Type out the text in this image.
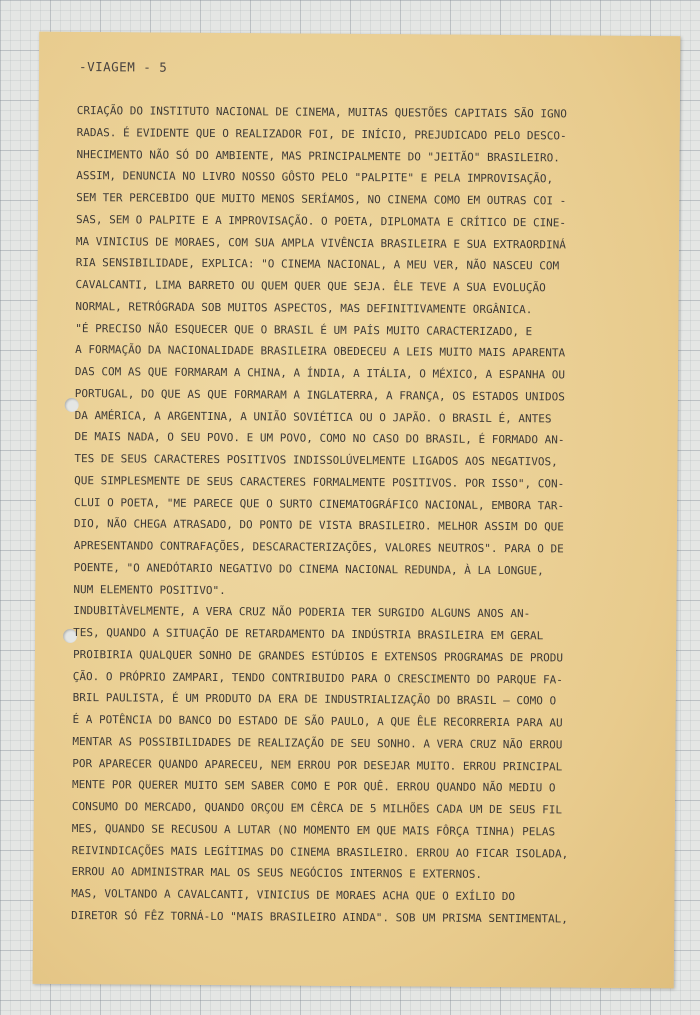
-VIAGEM - 5
CRIAÇÃO DO INSTITUTO NACIONAL DE CINEMA, MUITAS QUESTÕES CAPITAIS SÃO IGNO
RADAS. É EVIDENTE QUE O REALIZADOR FOI, DE INÍCIO, PREJUDICADO PELO DESCO-
NHECIMENTO NÃO SÓ DO AMBIENTE, MAS PRINCIPALMENTE DO "JEITÃO" BRASILEIRO.
ASSIM, DENUNCIA NO LIVRO NOSSO GÔSTO PELO "PALPITE" E PELA IMPROVISAÇÃO,
SEM TER PERCEBIDO QUE MUITO MENOS SERÍAMOS, NO CINEMA COMO EM OUTRAS COI -
SAS, SEM O PALPITE E A IMPROVISAÇÃO. O POETA, DIPLOMATA E CRÍTICO DE CINE-
MA VINICIUS DE MORAES, COM SUA AMPLA VIVÊNCIA BRASILEIRA E SUA EXTRAORDINÁ
RIA SENSIBILIDADE, EXPLICA: "O CINEMA NACIONAL, A MEU VER, NÃO NASCEU COM
CAVALCANTI, LIMA BARRETO OU QUEM QUER QUE SEJA. ÊLE TEVE A SUA EVOLUÇÃO
NORMAL, RETRÓGRADA SOB MUITOS ASPECTOS, MAS DEFINITIVAMENTE ORGÂNICA.
"É PRECISO NÃO ESQUECER QUE O BRASIL É UM PAÍS MUITO CARACTERIZADO, E
A FORMAÇÃO DA NACIONALIDADE BRASILEIRA OBEDECEU A LEIS MUITO MAIS APARENTA
DAS COM AS QUE FORMARAM A CHINA, A ÍNDIA, A ITÁLIA, O MÉXICO, A ESPANHA OU
PORTUGAL, DO QUE AS QUE FORMARAM A INGLATERRA, A FRANÇA, OS ESTADOS UNIDOS
DA AMÉRICA, A ARGENTINA, A UNIÃO SOVIÉTICA OU O JAPÃO. O BRASIL É, ANTES
DE MAIS NADA, O SEU POVO. E UM POVO, COMO NO CASO DO BRASIL, É FORMADO AN-
TES DE SEUS CARACTERES POSITIVOS INDISSOLÚVELMENTE LIGADOS AOS NEGATIVOS,
QUE SIMPLESMENTE DE SEUS CARACTERES FORMALMENTE POSITIVOS. POR ISSO", CON-
CLUI O POETA, "ME PARECE QUE O SURTO CINEMATOGRÁFICO NACIONAL, EMBORA TAR-
DIO, NÃO CHEGA ATRASADO, DO PONTO DE VISTA BRASILEIRO. MELHOR ASSIM DO QUE
APRESENTANDO CONTRAFAÇÕES, DESCARACTERIZAÇÕES, VALORES NEUTROS". PARA O DE
POENTE, "O ANEDÓTARIO NEGATIVO DO CINEMA NACIONAL REDUNDA, À LA LONGUE,
NUM ELEMENTO POSITIVO".
INDUBITÀVELMENTE, A VERA CRUZ NÃO PODERIA TER SURGIDO ALGUNS ANOS AN-
TES, QUANDO A SITUAÇÃO DE RETARDAMENTO DA INDÚSTRIA BRASILEIRA EM GERAL
PROIBIRIA QUALQUER SONHO DE GRANDES ESTÚDIOS E EXTENSOS PROGRAMAS DE PRODU
ÇÃO. O PRÓPRIO ZAMPARI, TENDO CONTRIBUIDO PARA O CRESCIMENTO DO PARQUE FA-
BRIL PAULISTA, É UM PRODUTO DA ERA DE INDUSTRIALIZAÇÃO DO BRASIL — COMO O
É A POTÊNCIA DO BANCO DO ESTADO DE SÃO PAULO, A QUE ÊLE RECORRERIA PARA AU
MENTAR AS POSSIBILIDADES DE REALIZAÇÃO DE SEU SONHO. A VERA CRUZ NÃO ERROU
POR APARECER QUANDO APARECEU, NEM ERROU POR DESEJAR MUITO. ERROU PRINCIPAL
MENTE POR QUERER MUITO SEM SABER COMO E POR QUÊ. ERROU QUANDO NÃO MEDIU O
CONSUMO DO MERCADO, QUANDO ORÇOU EM CÊRCA DE 5 MILHÕES CADA UM DE SEUS FIL
MES, QUANDO SE RECUSOU A LUTAR (NO MOMENTO EM QUE MAIS FÔRÇA TINHA) PELAS
REIVINDICAÇÕES MAIS LEGÍTIMAS DO CINEMA BRASILEIRO. ERROU AO FICAR ISOLADA,
ERROU AO ADMINISTRAR MAL OS SEUS NEGÓCIOS INTERNOS E EXTERNOS.
MAS, VOLTANDO A CAVALCANTI, VINICIUS DE MORAES ACHA QUE O EXÍLIO DO
DIRETOR SÓ FÊZ TORNÁ-LO "MAIS BRASILEIRO AINDA". SOB UM PRISMA SENTIMENTAL,
